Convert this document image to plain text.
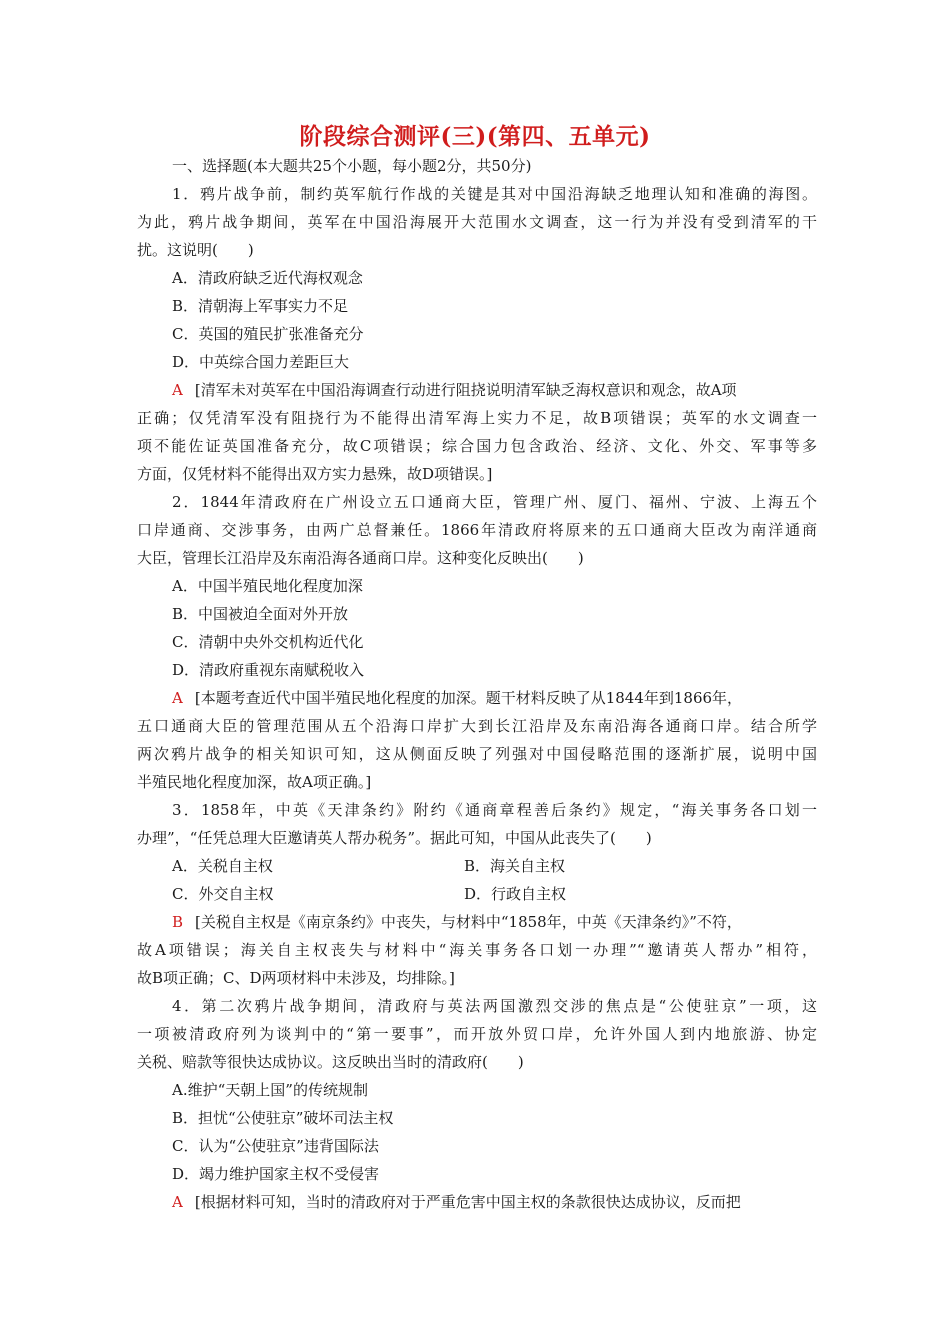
阶段综合测评(三)(第四、五单元)
一、选择题(本大题共25个小题，每小题2分，共50分)
1．鸦片战争前，制约英军航行作战的关键是其对中国沿海缺乏地理认知和准确的海图。
为此，鸦片战争期间，英军在中国沿海展开大范围水文调查，这一行为并没有受到清军的干
扰。这说明(　　)
A．清政府缺乏近代海权观念
B．清朝海上军事实力不足
C．英国的殖民扩张准备充分
D．中英综合国力差距巨大
A [清军未对英军在中国沿海调查行动进行阻挠说明清军缺乏海权意识和观念，故A项
正确；仅凭清军没有阻挠行为不能得出清军海上实力不足，故B项错误；英军的水文调查一
项不能佐证英国准备充分，故C项错误；综合国力包含政治、经济、文化、外交、军事等多
方面，仅凭材料不能得出双方实力悬殊，故D项错误。]
2．1844年清政府在广州设立五口通商大臣，管理广州、厦门、福州、宁波、上海五个
口岸通商、交涉事务，由两广总督兼任。1866年清政府将原来的五口通商大臣改为南洋通商
大臣，管理长江沿岸及东南沿海各通商口岸。这种变化反映出(　　)
A．中国半殖民地化程度加深
B．中国被迫全面对外开放
C．清朝中央外交机构近代化
D．清政府重视东南赋税收入
A [本题考查近代中国半殖民地化程度的加深。题干材料反映了从1844年到1866年，
五口通商大臣的管理范围从五个沿海口岸扩大到长江沿岸及东南沿海各通商口岸。结合所学
两次鸦片战争的相关知识可知，这从侧面反映了列强对中国侵略范围的逐渐扩展，说明中国
半殖民地化程度加深，故A项正确。]
3．1858年，中英《天津条约》附约《通商章程善后条约》规定，“海关事务各口划一
办理”，“任凭总理大臣邀请英人帮办税务”。据此可知，中国从此丧失了(　　)
A．关税自主权	B．海关自主权
C．外交自主权	D．行政自主权
B [关税自主权是《南京条约》中丧失，与材料中“1858年，中英《天津条约》”不符，
故A项错误；海关自主权丧失与材料中“海关事务各口划一办理”“邀请英人帮办”相符，
故B项正确；C、D两项材料中未涉及，均排除。]
4．第二次鸦片战争期间，清政府与英法两国激烈交涉的焦点是“公使驻京”一项，这
一项被清政府列为谈判中的“第一要事”，而开放外贸口岸，允许外国人到内地旅游、协定
关税、赔款等很快达成协议。这反映出当时的清政府(　　)
A.维护“天朝上国”的传统规制
B．担忧“公使驻京”破坏司法主权
C．认为“公使驻京”违背国际法
D．竭力维护国家主权不受侵害
A [根据材料可知，当时的清政府对于严重危害中国主权的条款很快达成协议，反而把
